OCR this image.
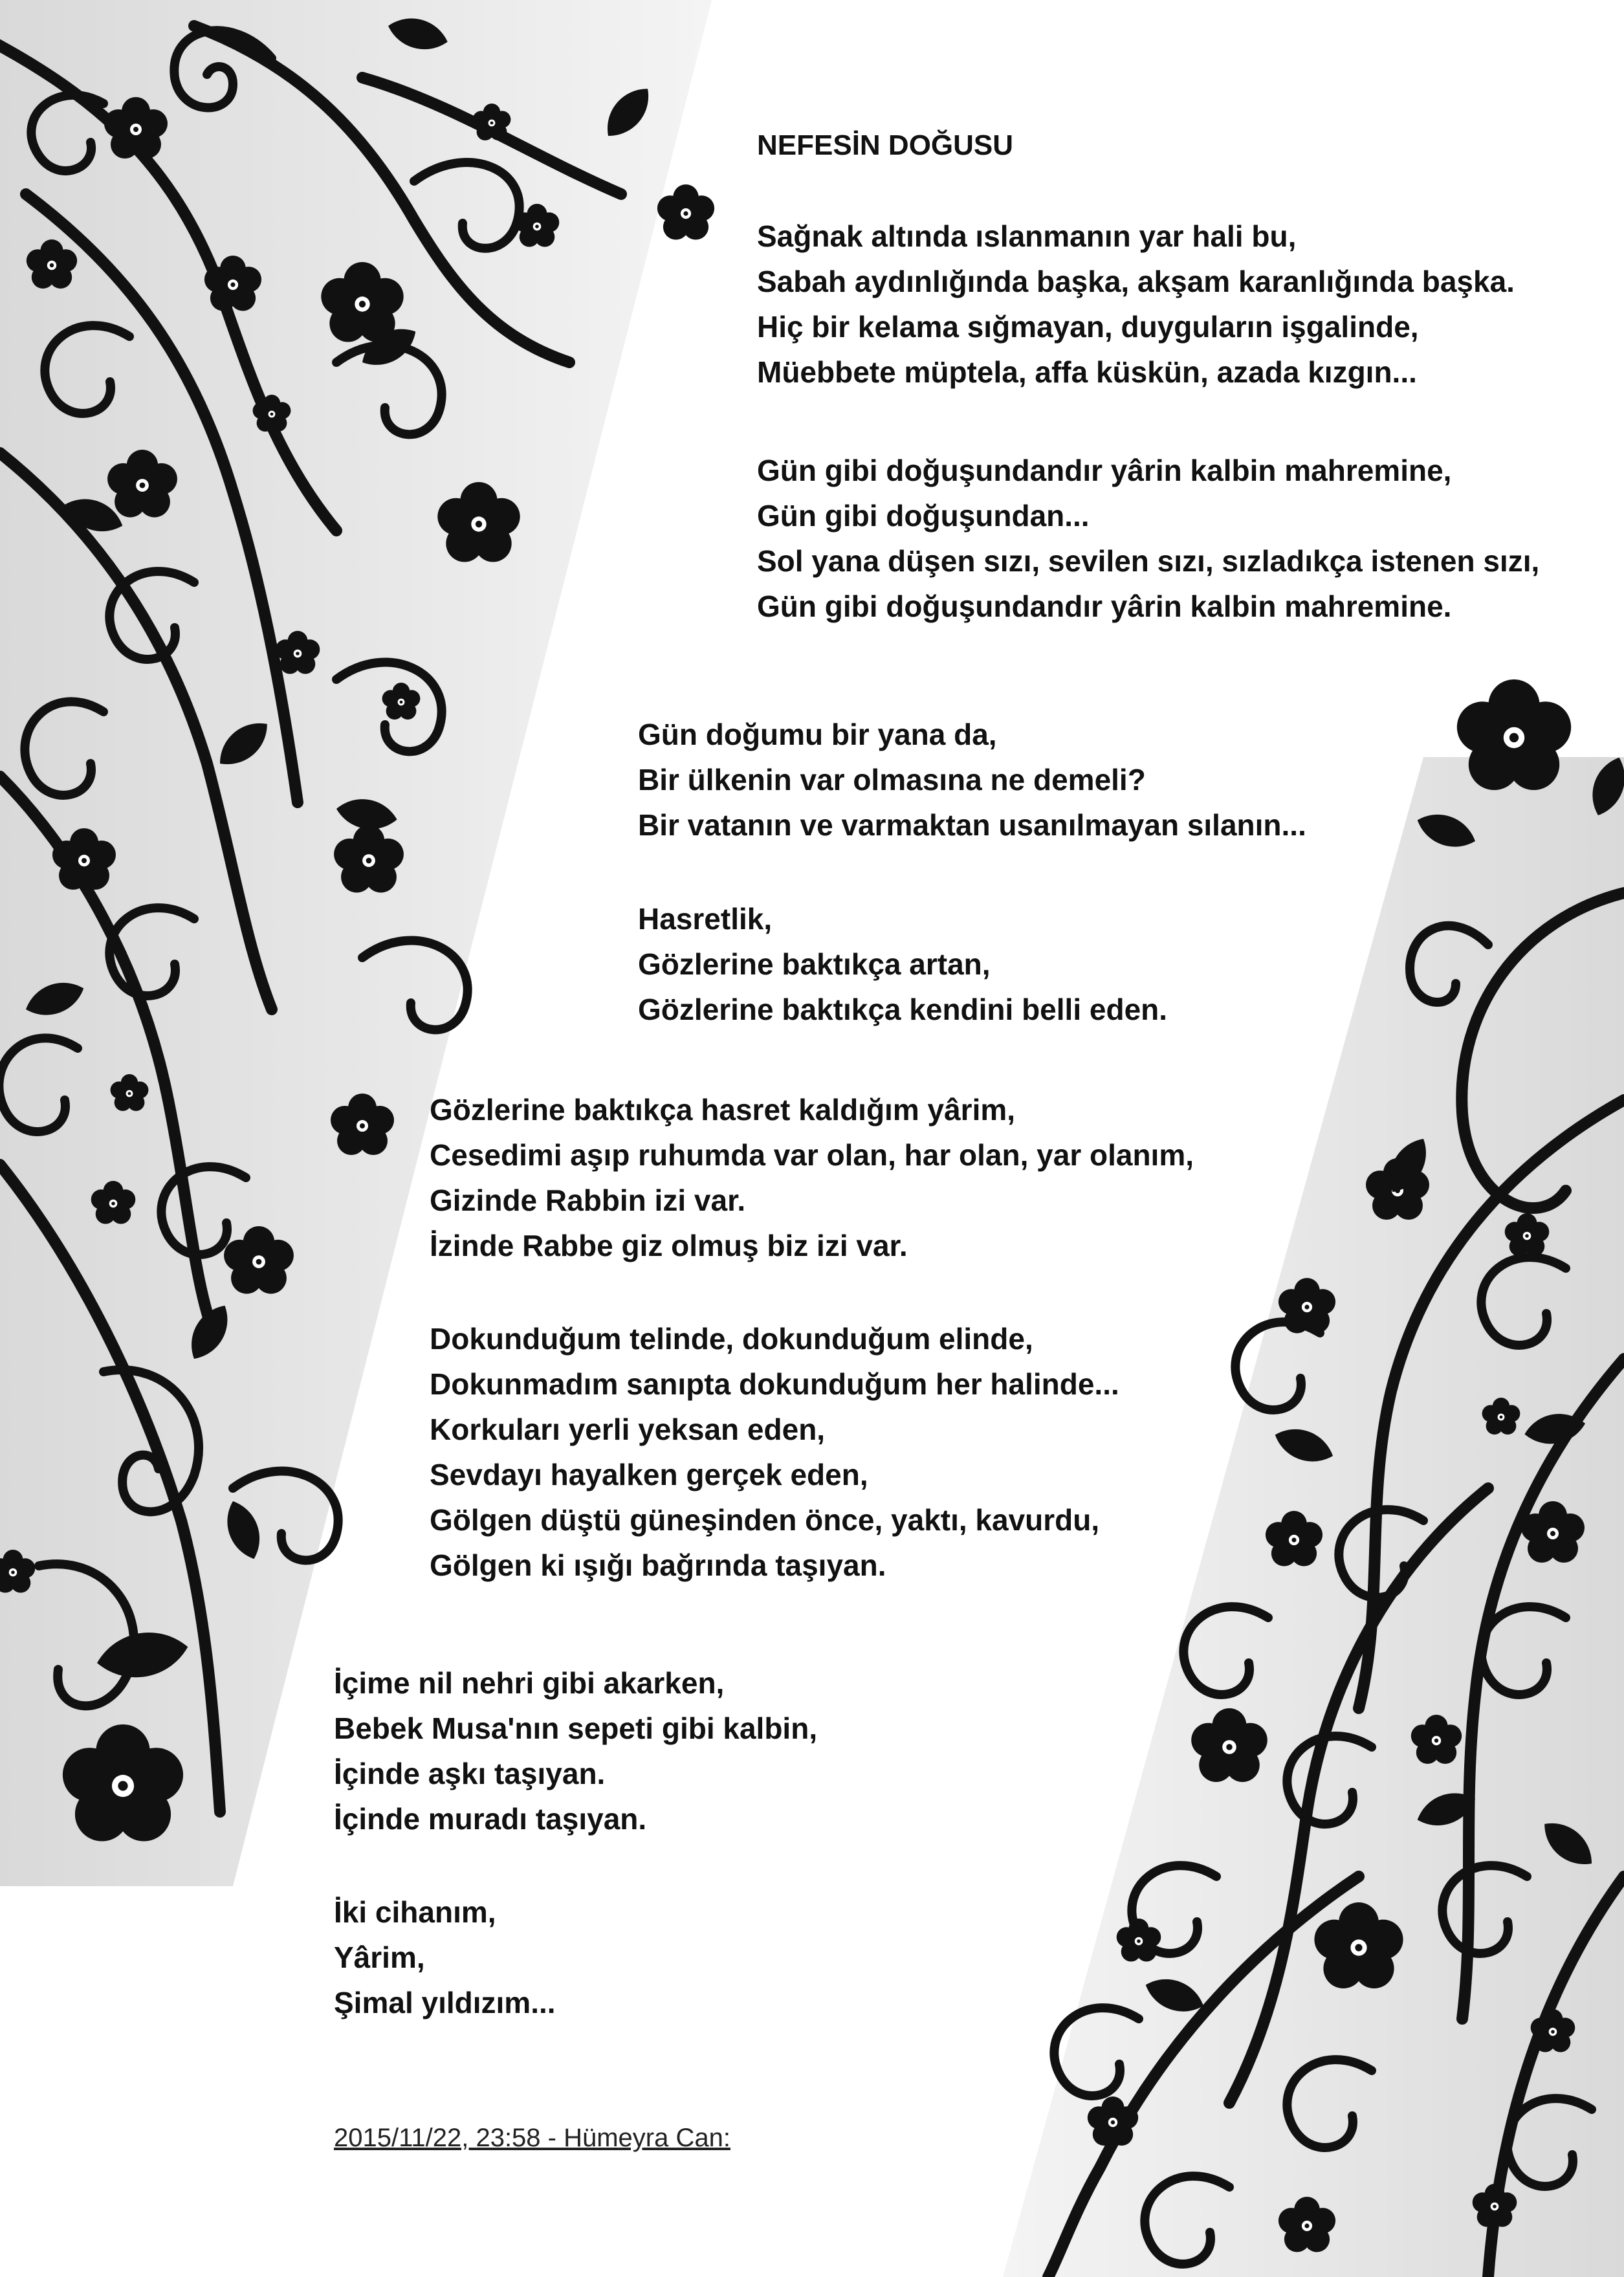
NEFESİN DOĞUSU
Sağnak altında ıslanmanın yar hali bu,
Sabah aydınlığında başka, akşam karanlığında başka.
Hiç bir kelama sığmayan, duyguların işgalinde,
Müebbete müptela, affa küskün, azada kızgın...
Gün gibi doğuşundandır yârin kalbin mahremine,
Gün gibi doğuşundan...
Sol yana düşen sızı, sevilen sızı, sızladıkça istenen sızı,
Gün gibi doğuşundandır yârin kalbin mahremine.
Gün doğumu bir yana da,
Bir ülkenin var olmasına ne demeli?
Bir vatanın ve varmaktan usanılmayan sılanın...
Hasretlik,
Gözlerine baktıkça artan,
Gözlerine baktıkça kendini belli eden.
Gözlerine baktıkça hasret kaldığım yârim,
Cesedimi aşıp ruhumda var olan, har olan, yar olanım,
Gizinde Rabbin izi var.
İzinde Rabbe giz olmuş biz izi var.
Dokunduğum telinde, dokunduğum elinde,
Dokunmadım sanıpta dokunduğum her halinde...
Korkuları yerli yeksan eden,
Sevdayı hayalken gerçek eden,
Gölgen düştü güneşinden önce, yaktı, kavurdu,
Gölgen ki ışığı bağrında taşıyan.
İçime nil nehri gibi akarken,
Bebek Musa'nın sepeti gibi kalbin,
İçinde aşkı taşıyan.
İçinde muradı taşıyan.
İki cihanım,
Yârim,
Şimal yıldızım...
2015/11/22, 23:58 - Hümeyra Can:
